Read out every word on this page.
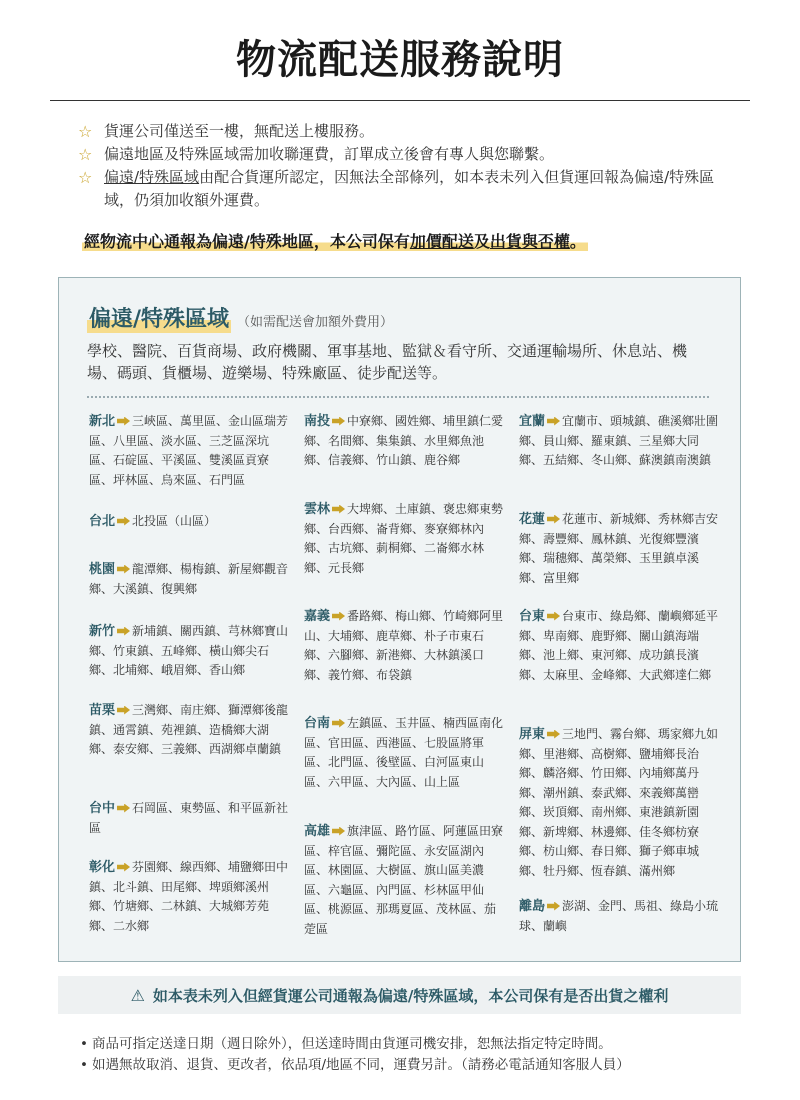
物流配送服務說明
☆ 貨運公司僅送至一樓，無配送上樓服務。
☆ 偏遠地區及特殊區域需加收聯運費，訂單成立後會有專人與您聯繫。
☆ 偏遠/特殊區域由配合貨運所認定，因無法全部條列，如本表未列入但貨運回報為偏遠/特殊區域，仍須加收額外運費。
經物流中心通報為偏遠/特殊地區，本公司保有加價配送及出貨與否權。
偏遠/特殊區域 （如需配送會加額外費用）
學校、醫院、百貨商場、政府機關、軍事基地、監獄＆看守所、交通運輸場所、休息站、機場、碼頭、貨櫃場、遊樂場、特殊廠區、徒步配送等。
新北 三峽區、萬里區、金山區瑞芳區、八里區、淡水區、三芝區深坑區、石碇區、平溪區、雙溪區貢寮區、坪林區、烏來區、石門區
台北 北投區（山區）
桃園 龍潭鄉、楊梅鎮、新屋鄉觀音鄉、大溪鎮、復興鄉
新竹 新埔鎮、關西鎮、芎林鄉寶山鄉、竹東鎮、五峰鄉、橫山鄉尖石鄉、北埔鄉、峨眉鄉、香山鄉
苗栗 三灣鄉、南庄鄉、獅潭鄉後龍鎮、通霄鎮、苑裡鎮、造橋鄉大湖鄉、泰安鄉、三義鄉、西湖鄉卓蘭鎮
台中 石岡區、東勢區、和平區新社區
彰化 芬園鄉、線西鄉、埔鹽鄉田中鎮、北斗鎮、田尾鄉、埤頭鄉溪州鄉、竹塘鄉、二林鎮、大城鄉芳苑鄉、二水鄉
南投 中寮鄉、國姓鄉、埔里鎮仁愛鄉、名間鄉、集集鎮、水里鄉魚池鄉、信義鄉、竹山鎮、鹿谷鄉
雲林 大埤鄉、土庫鎮、褒忠鄉東勢鄉、台西鄉、崙背鄉、麥寮鄉林內鄉、古坑鄉、莿桐鄉、二崙鄉水林鄉、元長鄉
嘉義 番路鄉、梅山鄉、竹崎鄉阿里山、大埔鄉、鹿草鄉、朴子市東石鄉、六腳鄉、新港鄉、大林鎮溪口鄉、義竹鄉、布袋鎮
台南 左鎮區、玉井區、楠西區南化區、官田區、西港區、七股區將軍區、北門區、後壁區、白河區東山區、六甲區、大內區、山上區
高雄 旗津區、路竹區、阿蓮區田寮區、梓官區、彌陀區、永安區湖內區、林園區、大樹區、旗山區美濃區、六龜區、內門區、杉林區甲仙區、桃源區、那瑪夏區、茂林區、茄萣區
宜蘭 宜蘭市、頭城鎮、礁溪鄉壯圍鄉、員山鄉、羅東鎮、三星鄉大同鄉、五結鄉、冬山鄉、蘇澳鎮南澳鎮
花蓮 花蓮市、新城鄉、秀林鄉吉安鄉、壽豐鄉、鳳林鎮、光復鄉豐濱鄉、瑞穗鄉、萬榮鄉、玉里鎮卓溪鄉、富里鄉
台東 台東市、綠島鄉、蘭嶼鄉延平鄉、卑南鄉、鹿野鄉、關山鎮海端鄉、池上鄉、東河鄉、成功鎮長濱鄉、太麻里、金峰鄉、大武鄉達仁鄉
屏東 三地門、霧台鄉、瑪家鄉九如鄉、里港鄉、高樹鄉、鹽埔鄉長治鄉、麟洛鄉、竹田鄉、內埔鄉萬丹鄉、潮州鎮、泰武鄉、來義鄉萬巒鄉、崁頂鄉、南州鄉、東港鎮新園鄉、新埤鄉、林邊鄉、佳冬鄉枋寮鄉、枋山鄉、春日鄉、獅子鄉車城鄉、牡丹鄉、恆春鎮、滿州鄉
離島 澎湖、金門、馬祖、綠島小琉球、蘭嶼
⚠ 如本表未列入但經貨運公司通報為偏遠/特殊區域，本公司保有是否出貨之權利
• 商品可指定送達日期（週日除外），但送達時間由貨運司機安排，恕無法指定特定時間。
• 如遇無故取消、退貨、更改者，依品項/地區不同，運費另計。（請務必電話通知客服人員）
